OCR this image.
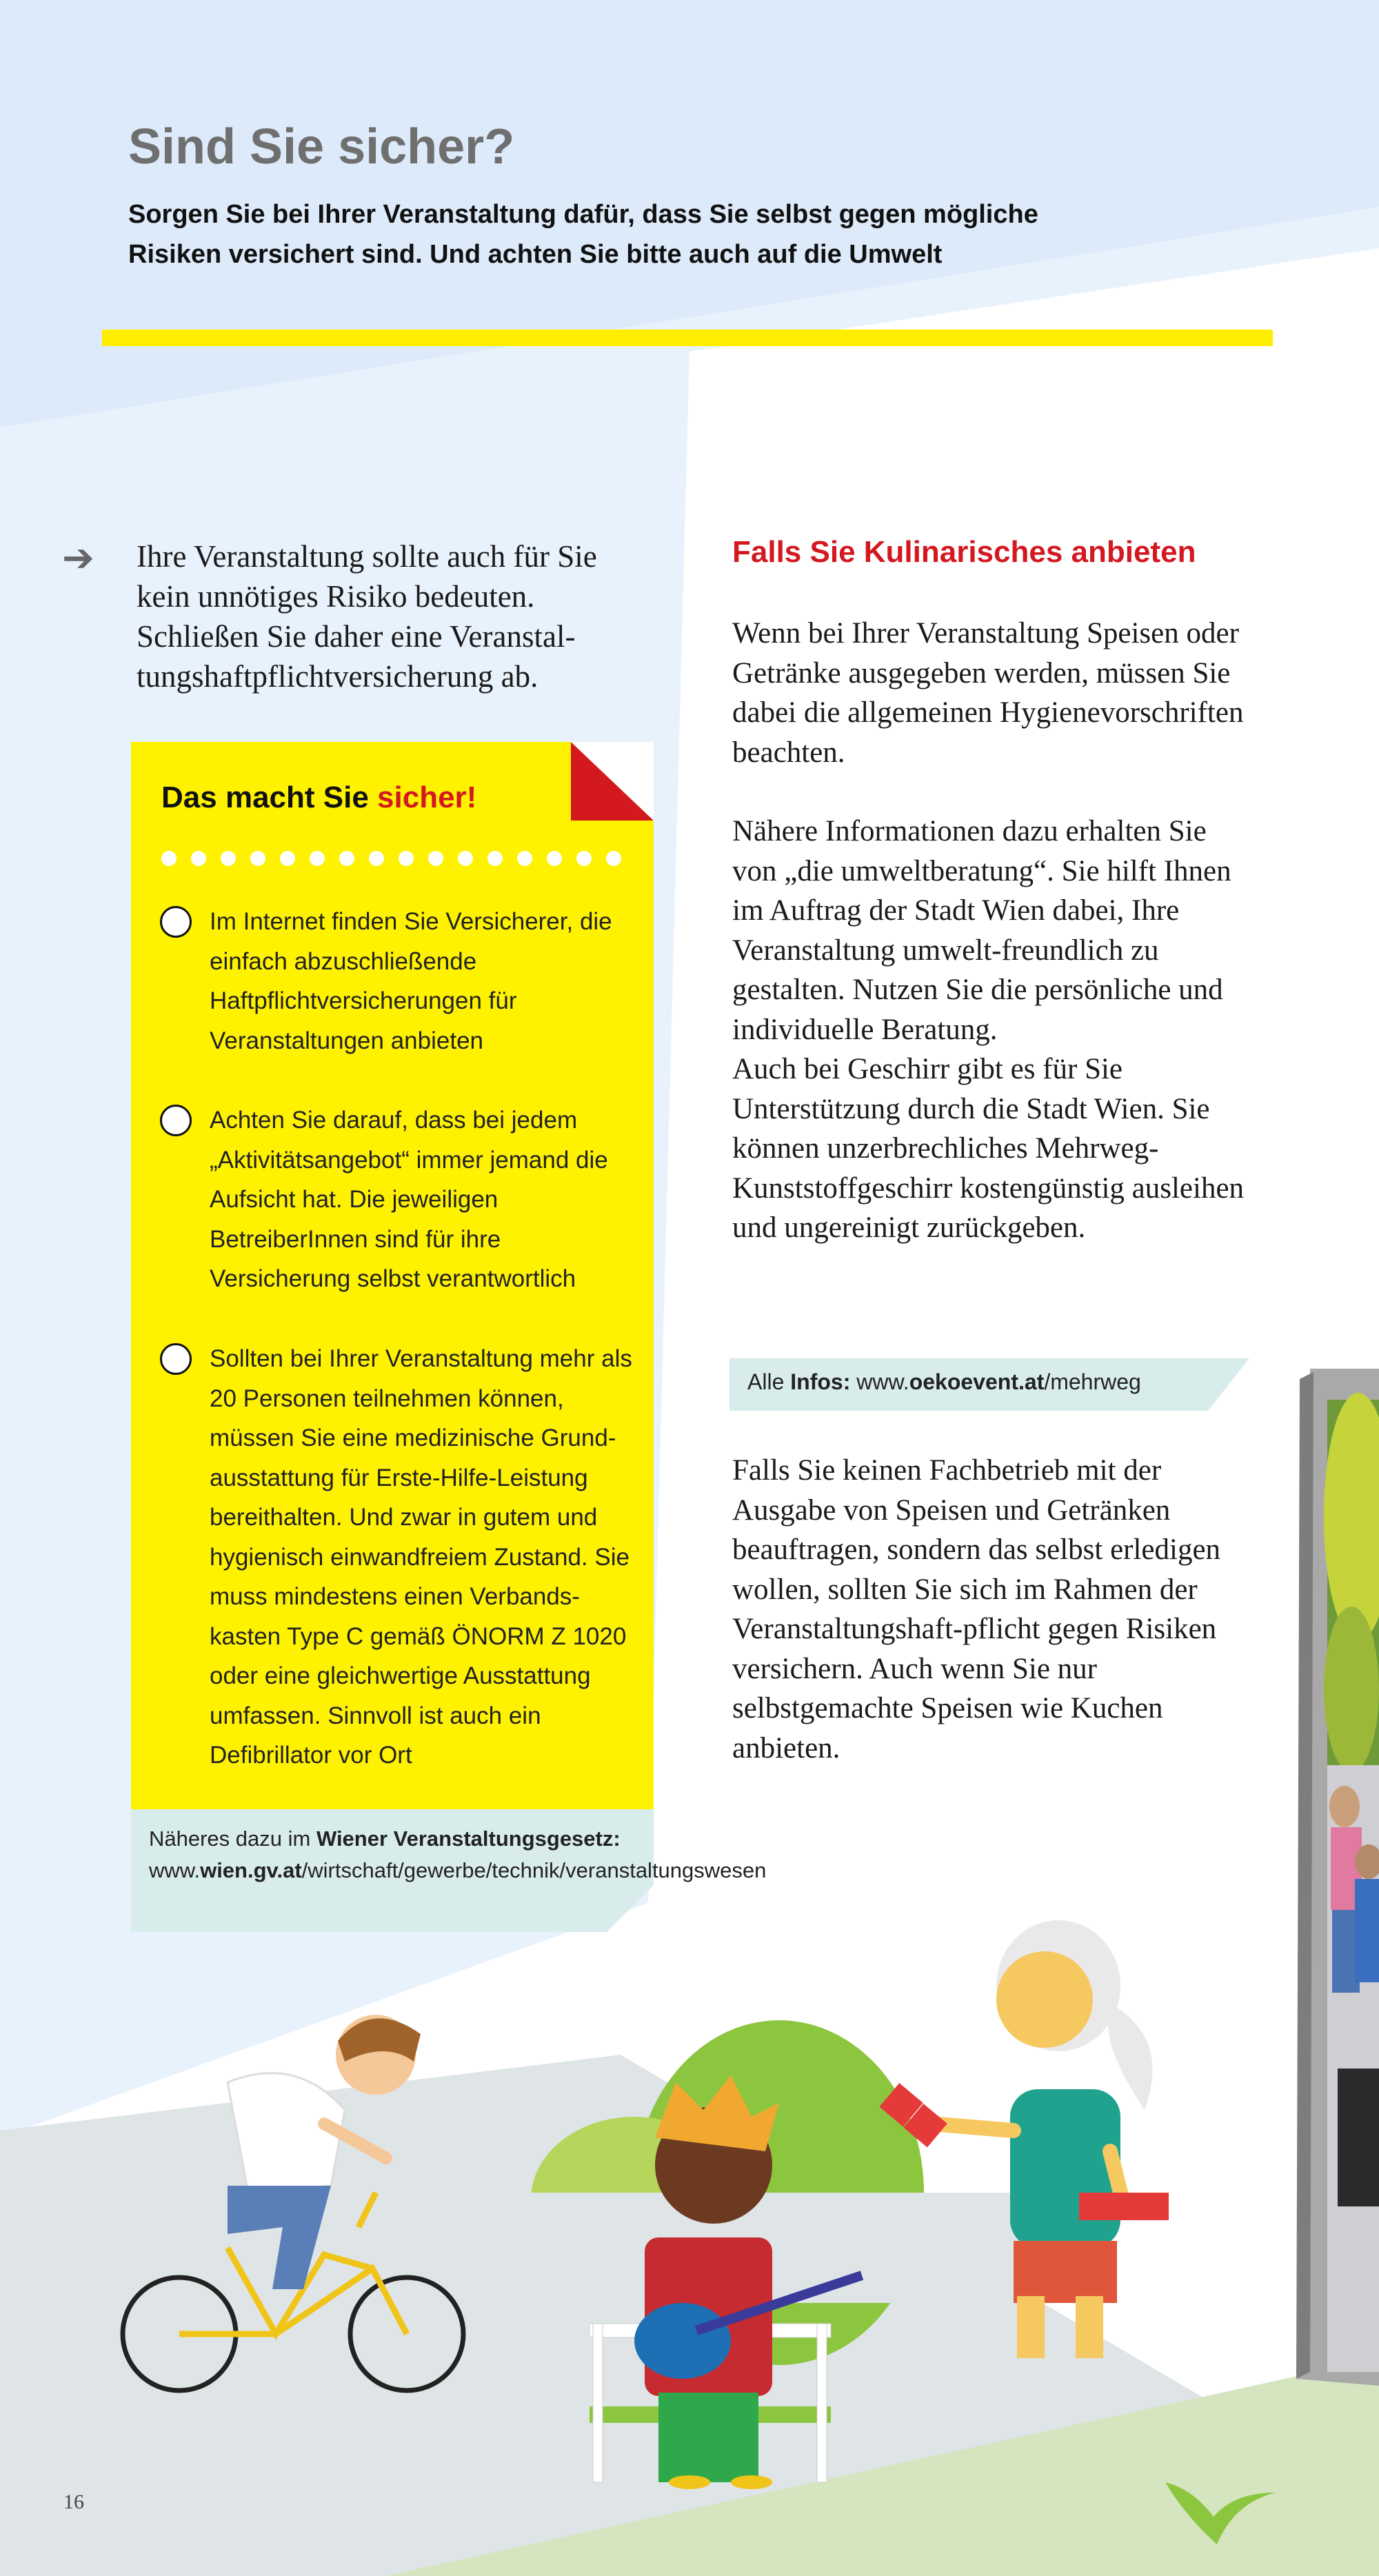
Sind Sie sicher?

Sorgen Sie bei Ihrer Veranstaltung dafür, dass Sie selbst gegen mögliche Risiken versichert sind. Und achten Sie bitte auch auf die Umwelt

➔ Ihre Veranstaltung sollte auch für Sie kein unnötiges Risiko bedeuten. Schließen Sie daher eine Veranstal-tungshaftpflichtversicherung ab.

Das macht Sie sicher!

Im Internet finden Sie Versicherer, die einfach abzuschließende Haftpflichtversicherungen für Veranstaltungen anbieten

Achten Sie darauf, dass bei jedem „Aktivitätsangebot“ immer jemand die Aufsicht hat. Die jeweiligen BetreiberInnen sind für ihre Versicherung selbst verantwortlich

Sollten bei Ihrer Veranstaltung mehr als 20 Personen teilnehmen können, müssen Sie eine medizinische Grund-ausstattung für Erste-Hilfe-Leistung bereithalten. Und zwar in gutem und hygienisch einwandfreiem Zustand. Sie muss mindestens einen Verbands-kasten Type C gemäß ÖNORM Z 1020 oder eine gleichwertige Ausstattung umfassen. Sinnvoll ist auch ein Defibrillator vor Ort

Näheres dazu im Wiener Veranstaltungsgesetz:
www.wien.gv.at/wirtschaft/gewerbe/technik/veranstaltungswesen

Falls Sie Kulinarisches anbieten

Wenn bei Ihrer Veranstaltung Speisen oder Getränke ausgegeben werden, müssen Sie dabei die allgemeinen Hygienevorschriften beachten.

Nähere Informationen dazu erhalten Sie von „die umweltberatung“. Sie hilft Ihnen im Auftrag der Stadt Wien dabei, Ihre Veranstaltung umwelt-freundlich zu gestalten. Nutzen Sie die persönliche und individuelle Beratung.

Auch bei Geschirr gibt es für Sie Unterstützung durch die Stadt Wien. Sie können unzerbrechliches Mehrweg-Kunststoffgeschirr kostengünstig ausleihen und ungereinigt zurückgeben.

Alle Infos: www.oekoevent.at/mehrweg

Falls Sie keinen Fachbetrieb mit der Ausgabe von Speisen und Getränken beauftragen, sondern das selbst erledigen wollen, sollten Sie sich im Rahmen der Veranstaltungshaft-pflicht gegen Risiken versichern. Auch wenn Sie nur selbstgemachte Speisen wie Kuchen anbieten.

16
